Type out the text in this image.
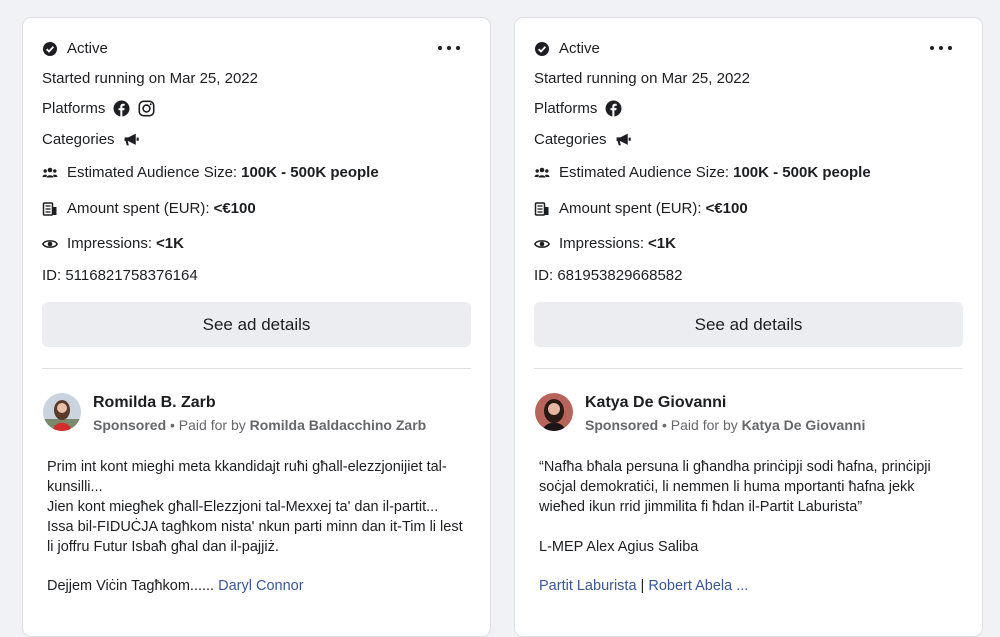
Active
Started running on Mar 25, 2022
Platforms
Categories
Estimated Audience Size: 100K - 500K people
Amount spent (EUR): <€100
Impressions: <1K
ID: 5116821758376164
See ad details
Romilda B. Zarb
Sponsored • Paid for by Romilda Baldacchino Zarb
Prim int kont mieghi meta kkandidajt ruħi għall-elezzjonijiet tal-kunsilli...
Jien kont miegħek għall-Elezzjoni tal-Mexxej ta' dan il-partit...
Issa bil-FIDUĊJA tagħkom nista' nkun parti minn dan it-Tim li lest li joffru Futur Isbaħ għal dan il-pajjiż.
Dejjem Viċin Tagħkom...... Daryl Connor
Active
Started running on Mar 25, 2022
Platforms
Categories
Estimated Audience Size: 100K - 500K people
Amount spent (EUR): <€100
Impressions: <1K
ID: 681953829668582
See ad details
Katya De Giovanni
Sponsored • Paid for by Katya De Giovanni
“Nafħa bħala persuna li għandha prinċipji sodi ħafna, prinċipji soċjal demokratiċi, li nemmen li huma mportanti ħafna jekk wieħed ikun rrid jimmilita fi ħdan il-Partit Laburista”

L-MEP Alex Agius Saliba
Partit Laburista | Robert Abela ...
